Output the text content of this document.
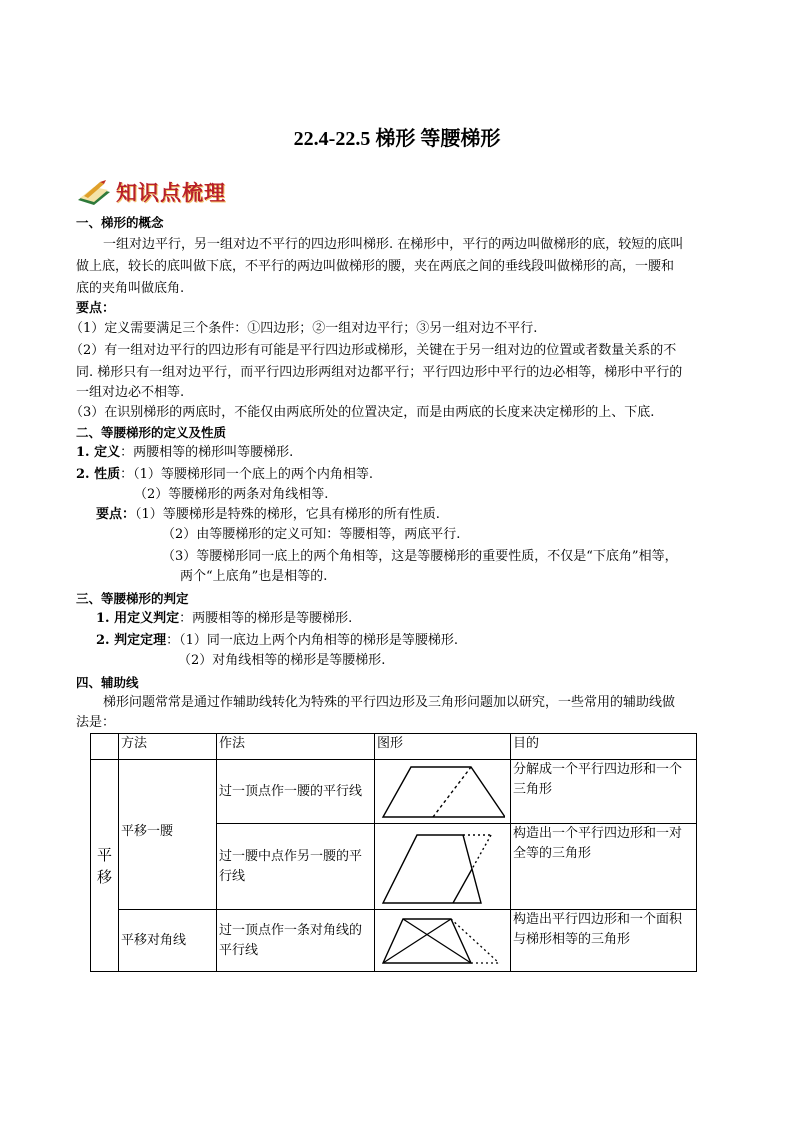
22.4-22.5 梯形 等腰梯形
知识点梳理
一、梯形的概念
一组对边平行，另一组对边不平行的四边形叫梯形. 在梯形中，平行的两边叫做梯形的底，较短的底叫
做上底，较长的底叫做下底，不平行的两边叫做梯形的腰，夹在两底之间的垂线段叫做梯形的高，一腰和
底的夹角叫做底角.
要点：
（1）定义需要满足三个条件：①四边形；②一组对边平行；③另一组对边不平行.
（2）有一组对边平行的四边形有可能是平行四边形或梯形，关键在于另一组对边的位置或者数量关系的不
同. 梯形只有一组对边平行，而平行四边形两组对边都平行；平行四边形中平行的边必相等，梯形中平行的
一组对边必不相等.
（3）在识别梯形的两底时，不能仅由两底所处的位置决定，而是由两底的长度来决定梯形的上、下底.
二、等腰梯形的定义及性质
1. 定义：两腰相等的梯形叫等腰梯形.
2. 性质：（1）等腰梯形同一个底上的两个内角相等.
（2）等腰梯形的两条对角线相等.
要点：（1）等腰梯形是特殊的梯形，它具有梯形的所有性质.
（2）由等腰梯形的定义可知：等腰相等，两底平行.
（3）等腰梯形同一底上的两个角相等，这是等腰梯形的重要性质，不仅是“下底角”相等，
两个“上底角”也是相等的.
三、等腰梯形的判定
1. 用定义判定：两腰相等的梯形是等腰梯形.
2. 判定定理：（1）同一底边上两个内角相等的梯形是等腰梯形.
（2）对角线相等的梯形是等腰梯形.
四、辅助线
梯形问题常常是通过作辅助线转化为特殊的平行四边形及三角形问题加以研究，一些常用的辅助线做
法是：
	方法	作法	图形	目的
平移	平移一腰	过一顶点作一腰的平行线		分解成一个平行四边形和一个三角形
		过一腰中点作另一腰的平行线		构造出一个平行四边形和一对全等的三角形
	平移对角线	过一顶点作一条对角线的平行线		构造出平行四边形和一个面积与梯形相等的三角形
